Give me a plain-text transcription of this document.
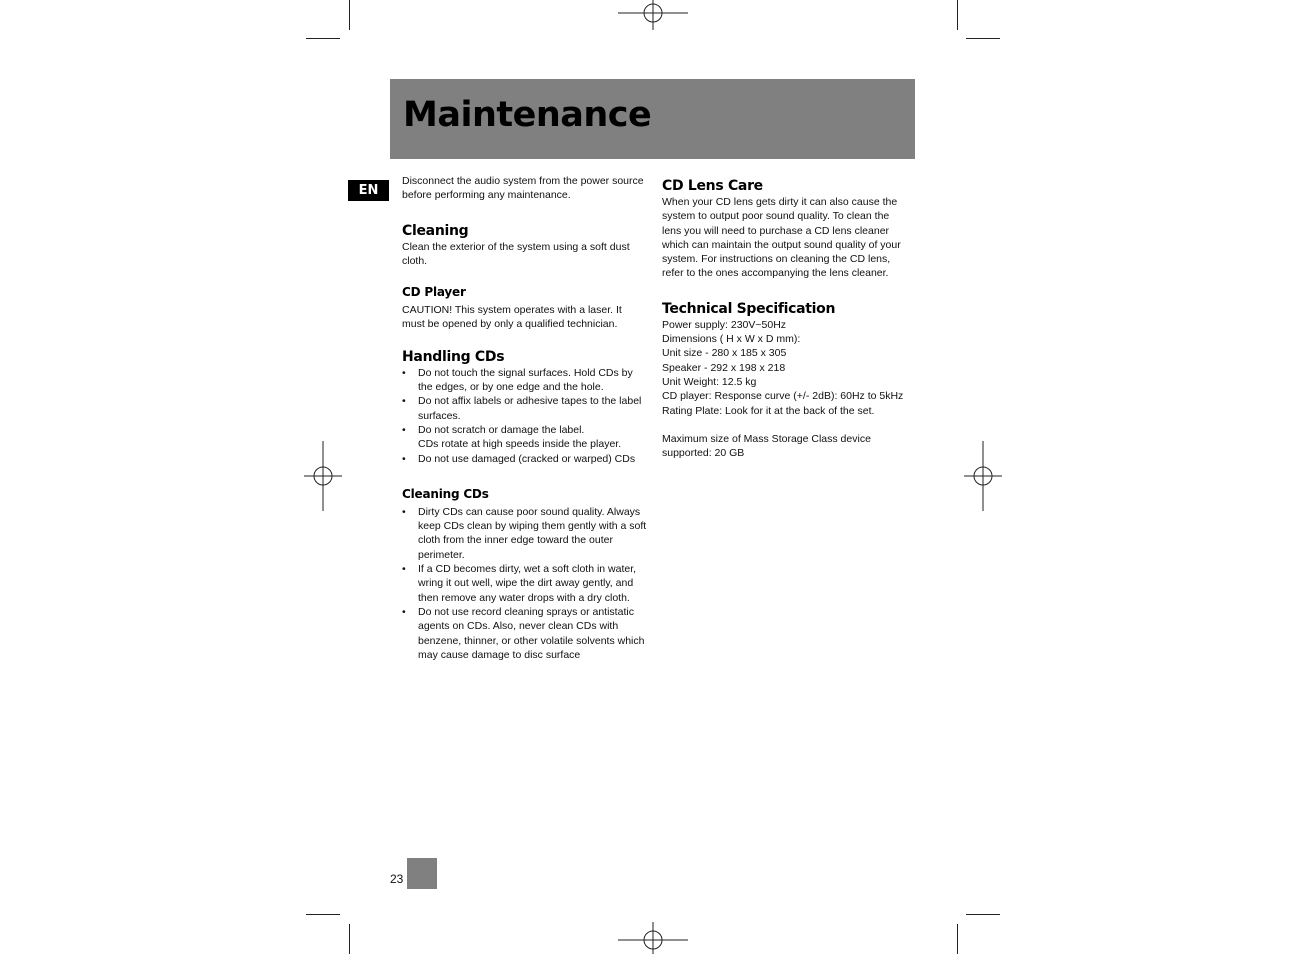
Maintenance
EN

Disconnect the audio system from the power source before performing any maintenance.

Cleaning

Clean the exterior of the system using a soft dust cloth.

CD Player

CAUTION! This system operates with a laser. It must be opened by only a qualified technician.

Handling CDs
• Do not touch the signal surfaces. Hold CDs by the edges, or by one edge and the hole.
• Do not affix labels or adhesive tapes to the label surfaces.
• Do not scratch or damage the label.
CDs rotate at high speeds inside the player.
• Do not use damaged (cracked or warped) CDs
Cleaning CDs
• Dirty CDs can cause poor sound quality. Always keep CDs clean by wiping them gently with a soft cloth from the inner edge toward the outer perimeter.
• If a CD becomes dirty, wet a soft cloth in water, wring it out well, wipe the dirt away gently, and then remove any water drops with a dry cloth.
• Do not use record cleaning sprays or antistatic agents on CDs. Also, never clean CDs with benzene, thinner, or other volatile solvents which may cause damage to disc surface
CD Lens Care

When your CD lens gets dirty it can also cause the system to output poor sound quality. To clean the lens you will need to purchase a CD lens cleaner which can maintain the output sound quality of your system. For instructions on cleaning the CD lens, refer to the ones accompanying the lens cleaner.

Technical Specification

Power supply: 230V~50Hz

Dimensions ( H x W x D mm):

Unit size - 280 x 185 x 305

Speaker - 292 x 198 x 218

Unit Weight: 12.5 kg

CD player: Response curve (+/- 2dB): 60Hz to 5kHz

Rating Plate: Look for it at the back of the set.

Maximum size of Mass Storage Class device supported: 20 GB

23
